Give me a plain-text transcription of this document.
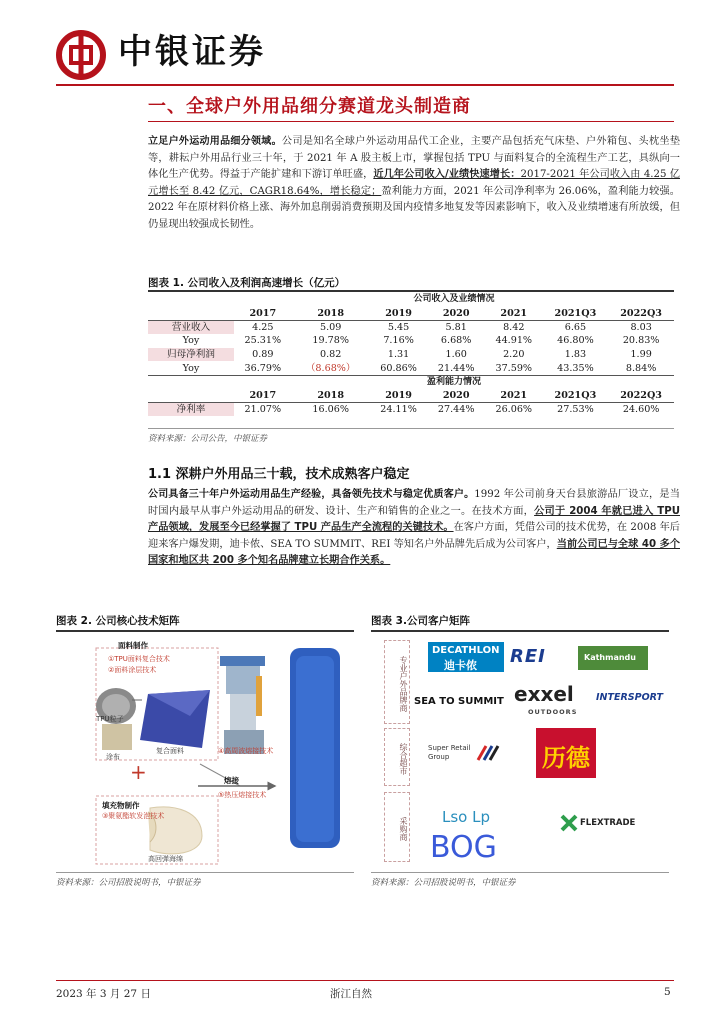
中银证券
一、全球户外用品细分赛道龙头制造商
立足户外运动用品细分领域。公司是知名全球户外运动用品代工企业，主要产品包括充气床垫、户外箱包、头枕坐垫等，耕耘户外用品行业三十年，于 2021 年 A 股主板上市，掌握包括 TPU 与面料复合的全流程生产工艺，具纵向一体化生产优势。得益于产能扩建和下游订单旺盛，近几年公司收入/业绩快速增长：2017-2021 年公司收入由 4.25 亿元增长至 8.42 亿元，CAGR18.64%，增长稳定；盈利能力方面，2021 年公司净利率为 26.06%，盈利能力较强。2022 年在原材料价格上涨、海外加息削弱消费预期及国内疫情多地复发等因素影响下，收入及业绩增速有所放缓，但仍显现出较强成长韧性。
图表 1. 公司收入及利润高速增长（亿元）
	公司收入及业绩情况						
	2017	2018	2019	2020	2021	2021Q3	2022Q3
营业收入	4.25	5.09	5.45	5.81	8.42	6.65	8.03
Yoy	25.31%	19.78%	7.16%	6.68%	44.91%	46.80%	20.83%
归母净利润	0.89	0.82	1.31	1.60	2.20	1.83	1.99
Yoy	36.79%	（8.68%）	60.86%	21.44%	37.59%	43.35%	8.84%
	盈利能力情况						
	2017	2018	2019	2020	2021	2021Q3	2022Q3
净利率	21.07%	16.06%	24.11%	27.44%	26.06%	27.53%	24.60%
资料来源：公司公告，中银证券
1.1 深耕户外用品三十载，技术成熟客户稳定
公司具备三十年户外运动用品生产经验，具备领先技术与稳定优质客户。1992 年公司前身天台县旅游品厂设立，是当时国内最早从事户外运动用品的研发、设计、生产和销售的企业之一。在技术方面，公司于 2004 年就已进入 TPU 产品领域，发展至今已经掌握了 TPU 产品生产全流程的关键技术。在客户方面，凭借公司的技术优势，在 2008 年后迎来客户爆发期，迪卡侬、SEA TO SUMMIT、REI 等知名户外品牌先后成为公司客户，当前公司已与全球 40 多个国家和地区共 200 多个知名品牌建立长期合作关系。
图表 2. 公司核心技术矩阵
面料制作
①TPU面料复合技术
②面料涂层技术
TPU粒子
复合面料
涂布
④高周波熔接技术
熔接
⑤热压熔接技术
+
填充物制作
③聚氨酯软发泡技术
高回弹海绵
资料来源：公司招股说明书，中银证券
图表 3.公司客户矩阵
专业户外品牌商
综合超市
采购商
DECATHLON
迪卡侬 REI	Kathmandu
SEA TO SUMMIT exxel
OUTDOORS
INTERSPORT
Super Retail Group	历德
Lso Lp
BOG
FLEXTRADE
资料来源：公司招股说明书，中银证券
2023 年 3 月 27 日	浙江自然	5
